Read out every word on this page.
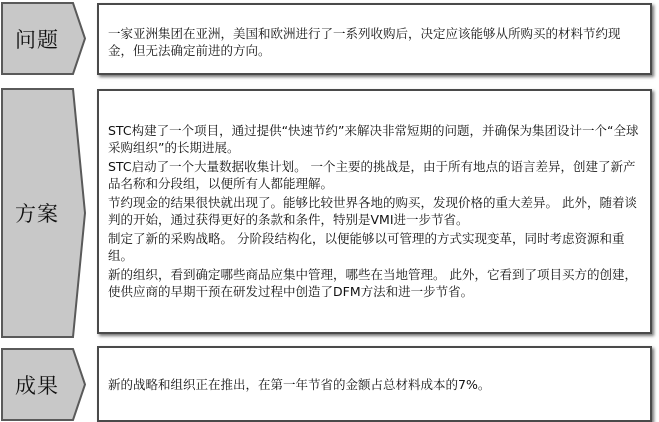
问题	一家亚洲集团在亚洲，美国和欧洲进行了一系列收购后，决定应该能够从所购买的材料节约现金，但无法确定前进的方向。

方案

STC构建了一个项目，通过提供“快速节约”来解决非常短期的问题，并确保为集团设计一个“全球采购组织”的长期进展。

STC启动了一个大量数据收集计划。 一个主要的挑战是，由于所有地点的语言差异，创建了新产品名称和分段组，以便所有人都能理解。

节约现金的结果很快就出现了。能够比较世界各地的购买，发现价格的重大差异。 此外，随着谈判的开始，通过获得更好的条款和条件，特别是VMI进一步节省。

制定了新的采购战略。 分阶段结构化，以便能够以可管理的方式实现变革，同时考虑资源和重组。

新的组织，看到确定哪些商品应集中管理，哪些在当地管理。 此外，它看到了项目买方的创建，使供应商的早期干预在研发过程中创造了DFM方法和进一步节省。

成果	新的战略和组织正在推出，在第一年节省的金额占总材料成本的7%。
